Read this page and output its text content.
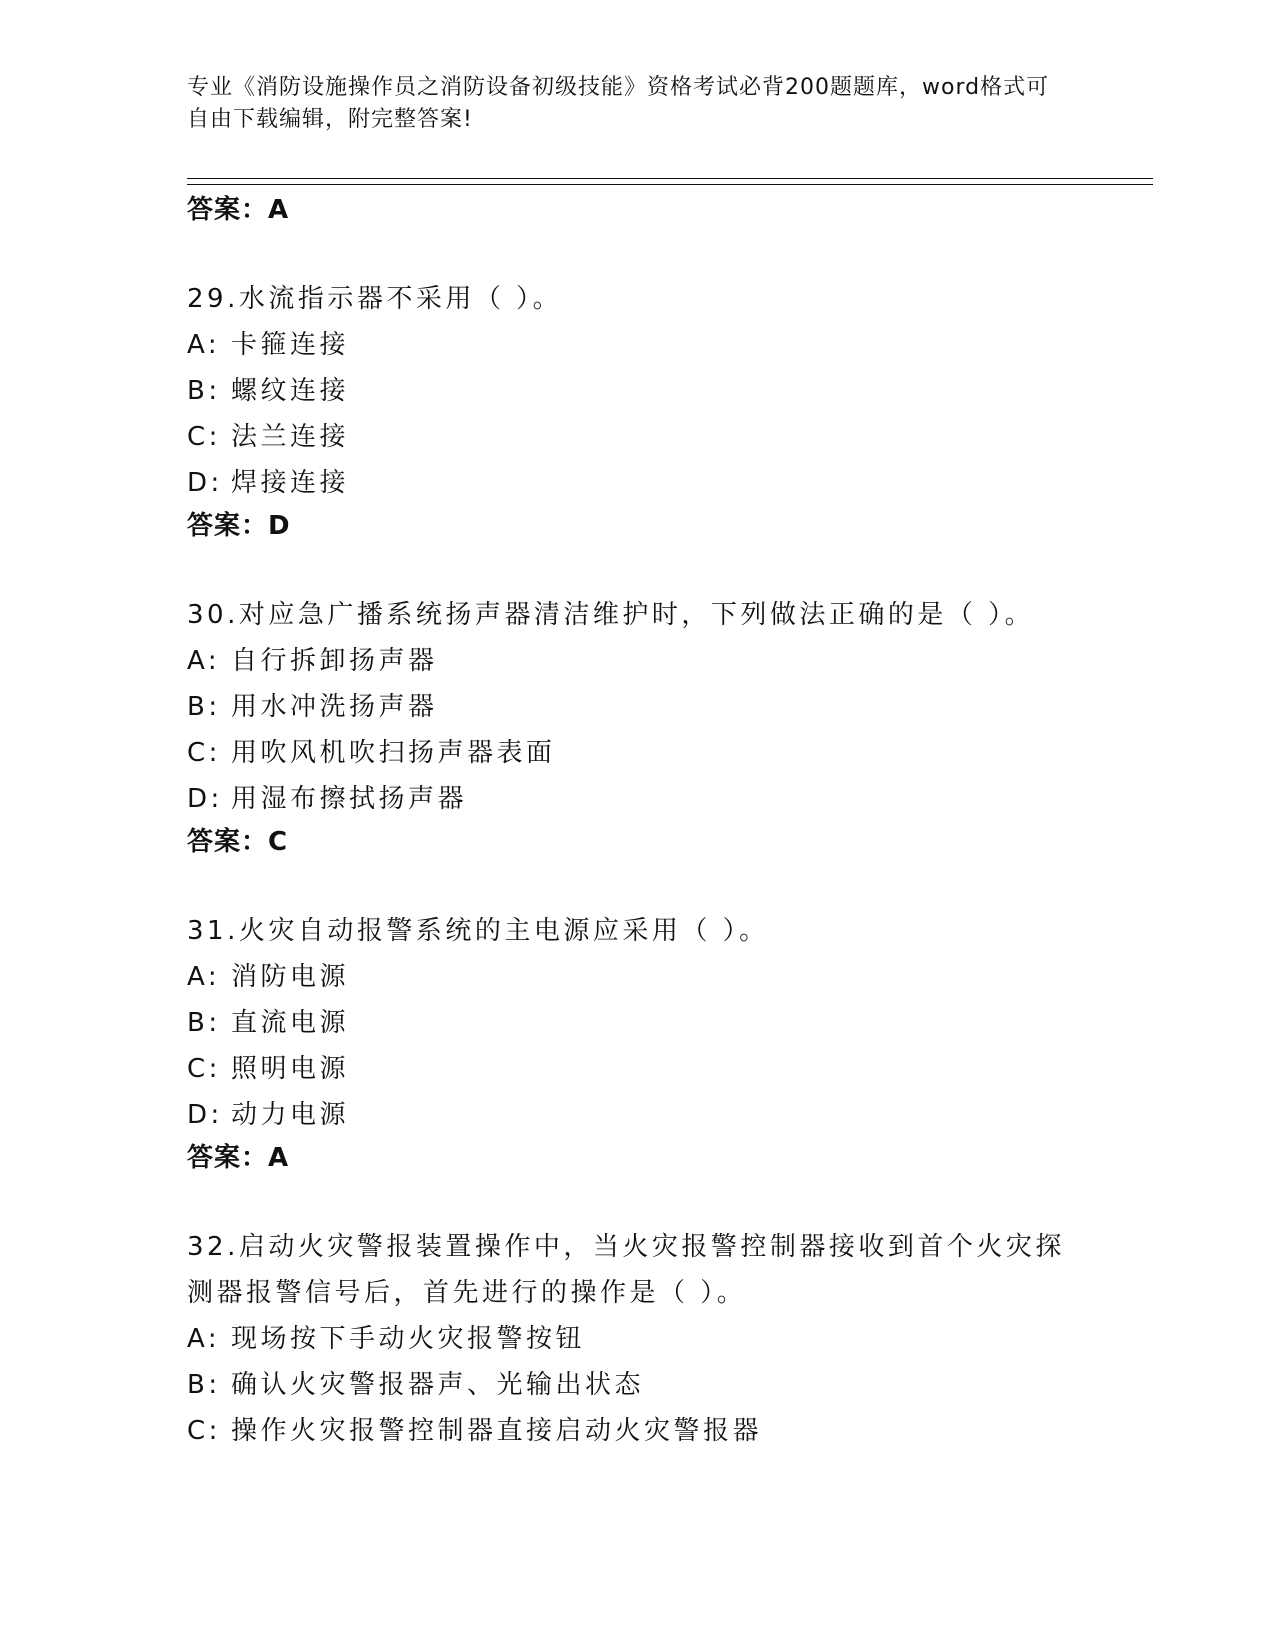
专业《消防设施操作员之消防设备初级技能》资格考试必背200题题库，word格式可自由下载编辑，附完整答案!
答案：A

29.水流指示器不采用（ ）。

A: 卡箍连接

B: 螺纹连接

C: 法兰连接

D: 焊接连接

答案：D

30.对应急广播系统扬声器清洁维护时，下列做法正确的是（ ）。

A: 自行拆卸扬声器

B: 用水冲洗扬声器

C: 用吹风机吹扫扬声器表面

D: 用湿布擦拭扬声器

答案：C

31.火灾自动报警系统的主电源应采用（ ）。

A: 消防电源

B: 直流电源

C: 照明电源

D: 动力电源

答案：A

32.启动火灾警报装置操作中，当火灾报警控制器接收到首个火灾探测器报警信号后，首先进行的操作是（ ）。

A: 现场按下手动火灾报警按钮

B: 确认火灾警报器声、光输出状态

C: 操作火灾报警控制器直接启动火灾警报器
